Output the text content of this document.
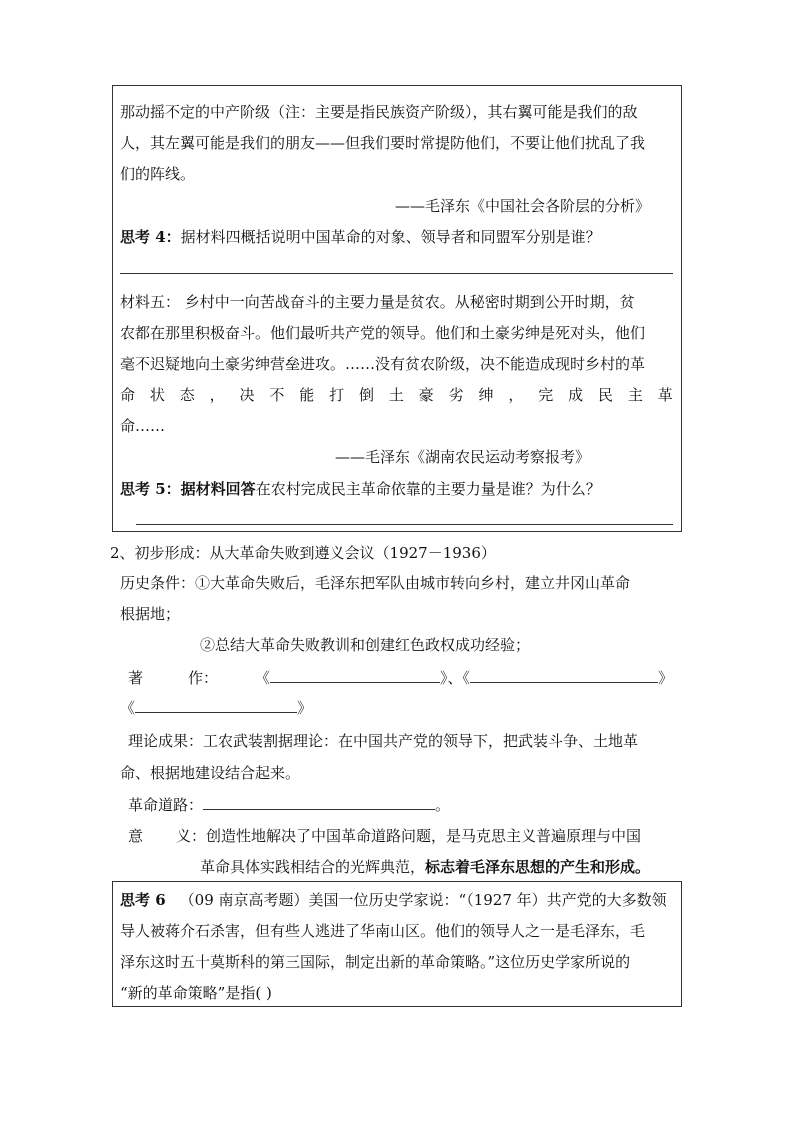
那动摇不定的中产阶级（注：主要是指民族资产阶级），其右翼可能是我们的敌
人，其左翼可能是我们的朋友——但我们要时常提防他们，不要让他们扰乱了我
们的阵线。
——毛泽东《中国社会各阶层的分析》
思考 4：据材料四概括说明中国革命的对象、领导者和同盟军分别是谁？
材料五： 乡村中一向苦战奋斗的主要力量是贫农。从秘密时期到公开时期，贫
农都在那里积极奋斗。他们最听共产党的领导。他们和土豪劣绅是死对头，他们
毫不迟疑地向土豪劣绅营垒进攻。……没有贫农阶级，决不能造成现时乡村的革
命 状 态 ， 决 不 能 打 倒 土 豪 劣 绅 ， 完 成 民 主 革
命……
——毛泽东《湖南农民运动考察报考》
思考 5：据材料回答在农村完成民主革命依靠的主要力量是谁？为什么？
2、初步形成：从大革命失败到遵义会议（1927－1936）
历史条件：①大革命失败后，毛泽东把军队由城市转向乡村，建立井冈山革命
根据地；
②总结大革命失败教训和创建红色政权成功经验；
著	作： 《	》、《	》
《	》
理论成果：工农武装割据理论：在中国共产党的领导下，把武装斗争、土地革
命、根据地建设结合起来。
革命道路：	。
意 义：创造性地解决了中国革命道路问题，是马克思主义普遍原理与中国
革命具体实践相结合的光辉典范，标志着毛泽东思想的产生和形成。
思考 6 （09 南京高考题）美国一位历史学家说：“（1927 年）共产党的大多数领
导人被蒋介石杀害，但有些人逃进了华南山区。他们的领导人之一是毛泽东，毛
泽东这时五十莫斯科的第三国际，制定出新的革命策略。”这位历史学家所说的
“新的革命策略”是指( )
